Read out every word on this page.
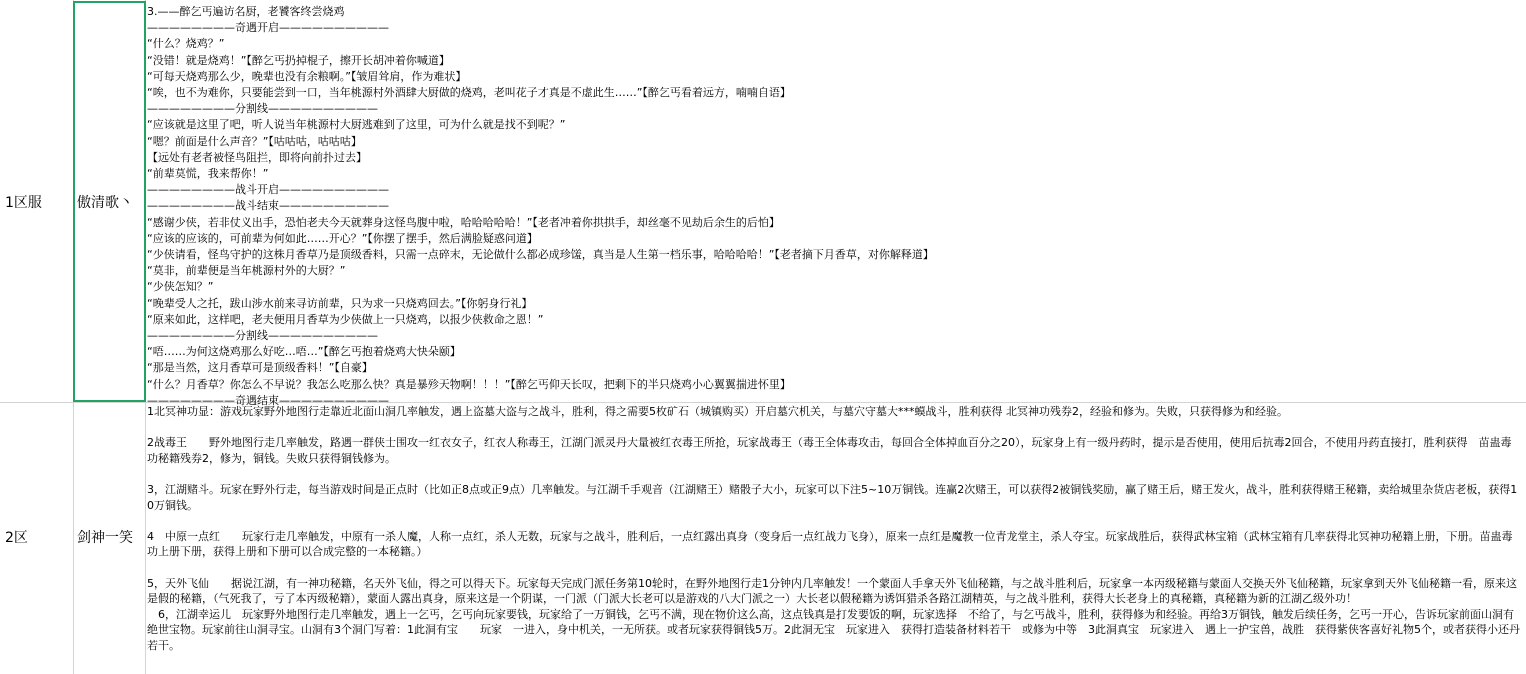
1区服	傲清歌丶
3.——醉乞丐遍访名厨，老饕客终尝烧鸡
————————奇遇开启——————————
“什么？烧鸡？”
“没错！就是烧鸡！”【醉乞丐扔掉棍子，擦开长胡冲着你喊道】
“可每天烧鸡那么少，晚辈也没有余粮啊。”【皱眉耸肩，作为难状】
“唉，也不为难你，只要能尝到一口，当年桃源村外酒肆大厨做的烧鸡，老叫花子才真是不虚此生……”【醉乞丐看着远方，喃喃自语】
————————分割线——————————
“应该就是这里了吧，听人说当年桃源村大厨逃难到了这里，可为什么就是找不到呢？”
“嗯？前面是什么声音？”【咕咕咕，咕咕咕】
【远处有老者被怪鸟阻拦，即将向前扑过去】
“前辈莫慌，我来帮你！”
————————战斗开启——————————
————————战斗结束——————————
“感谢少侠，若非仗义出手，恐怕老夫今天就葬身这怪鸟腹中啦，哈哈哈哈哈！”【老者冲着你拱拱手，却丝毫不见劫后余生的后怕】
“应该的应该的，可前辈为何如此……开心？”【你摆了摆手，然后满脸疑惑问道】
“少侠请看，怪鸟守护的这株月香草乃是顶级香料，只需一点碎末，无论做什么都必成珍馐，真当是人生第一档乐事，哈哈哈哈！”【老者摘下月香草，对你解释道】
“莫非，前辈便是当年桃源村外的大厨？”
“少侠怎知？”
“晚辈受人之托，跋山涉水前来寻访前辈，只为求一只烧鸡回去。”【你躬身行礼】
“原来如此，这样吧，老夫便用月香草为少侠做上一只烧鸡，以报少侠救命之恩！”
————————分割线——————————
“唔……为何这烧鸡那么好吃…唔…”【醉乞丐抱着烧鸡大快朵颐】
“那是当然，这月香草可是顶级香料！”【自豪】
“什么？月香草？你怎么不早说？我怎么吃那么快？真是暴殄天物啊！！！”【醉乞丐仰天长叹，把剩下的半只烧鸡小心翼翼揣进怀里】
————————奇遇结束——————————
2区	剑神一笑
1北冥神功显：游戏玩家野外地图行走靠近北面山洞几率触发，遇上盗墓大盗与之战斗，胜利，得之需要5枚矿石（城镇购买）开启墓穴机关，与墓穴守墓大***蟆战斗，胜利获得 北冥神功残券2，经验和修为。失败，只获得修为和经验。
2战毒王　　野外地图行走几率触发，路遇一群侠士围攻一红衣女子，红衣人称毒王，江湖门派灵丹大量被红衣毒王所抢，玩家战毒王（毒王全体毒攻击，每回合全体掉血百分之20），玩家身上有一级丹药时，提示是否使用，使用后抗毒2回合，不使用丹药直接打，胜利获得　苗蛊毒功秘籍残券2，修为，铜钱。失败只获得铜钱修为。
3，江湖赌斗。玩家在野外行走，每当游戏时间是正点时（比如正8点或正9点）几率触发。与江湖千手观音（江湖赌王）赌骰子大小，玩家可以下注5~10万铜钱。连赢2次赌王，可以获得2被铜钱奖励，赢了赌王后，赌王发火，战斗，胜利获得赌王秘籍，卖给城里杂货店老板，获得10万铜钱。
4　中原一点红　　玩家行走几率触发，中原有一杀人魔，人称一点红，杀人无数，玩家与之战斗，胜利后，一点红露出真身（变身后一点红战力飞身），原来一点红是魔教一位青龙堂主，杀人夺宝。玩家战胜后，获得武林宝箱（武林宝箱有几率获得北冥神功秘籍上册，下册。苗蛊毒功上册下册，获得上册和下册可以合成完整的一本秘籍。）
5，天外飞仙　　据说江湖，有一神功秘籍，名天外飞仙，得之可以得天下。玩家每天完成门派任务第10轮时，在野外地图行走1分钟内几率触发！一个蒙面人手拿天外飞仙秘籍，与之战斗胜利后，玩家拿一本丙级秘籍与蒙面人交换天外飞仙秘籍，玩家拿到天外飞仙秘籍一看，原来这是假的秘籍，（气死我了，亏了本丙级秘籍），蒙面人露出真身，原来这是一个阴谋，一门派（门派大长老可以是游戏的八大门派之一）大长老以假秘籍为诱饵猎杀各路江湖精英，与之战斗胜利，获得大长老身上的真秘籍，真秘籍为新的江湖乙级外功！
　6，江湖幸运儿　玩家野外地图行走几率触发，遇上一乞丐，乞丐向玩家要钱，玩家给了一万铜钱，乞丐不满，现在物价这么高，这点钱真是打发要饭的啊，玩家选择　不给了，与乞丐战斗，胜利，获得修为和经验。再给3万铜钱，触发后续任务，乞丐一开心，告诉玩家前面山洞有绝世宝物。玩家前往山洞寻宝。山洞有3个洞门写着：1此洞有宝　　玩家　一进入，身中机关，一无所获。或者玩家获得铜钱5万。2此洞无宝　玩家进入　获得打造装备材料若干　或修为中等　3此洞真宝　玩家进入　遇上一护宝兽，战胜　获得紫侠客喜好礼物5个，或者获得小还丹若干。
